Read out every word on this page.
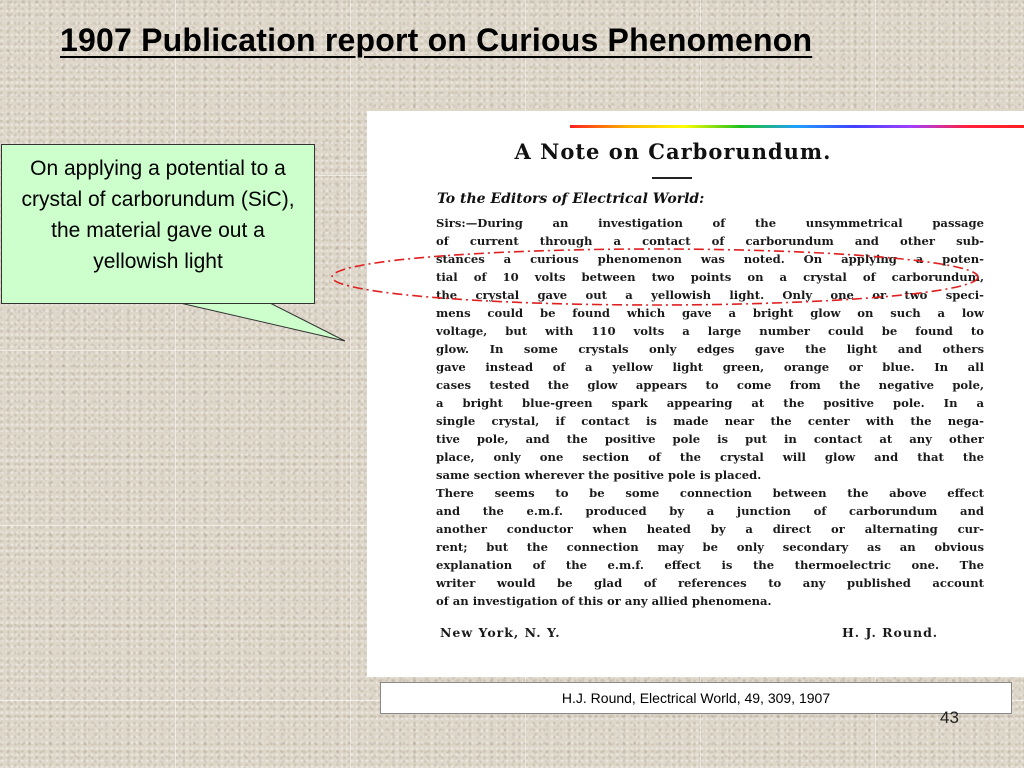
1907 Publication report on Curious Phenomenon
On applying a potential to a crystal of carborundum (SiC), the material gave out a yellowish light
A Note on Carborundum.
To the Editors of Electrical World:
Sirs:—During an investigation of the unsymmetrical passage
of current through a contact of carborundum and other sub-
stances a curious phenomenon was noted. On applying a poten-
tial of 10 volts between two points on a crystal of carborundum,
the crystal gave out a yellowish light. Only one or two speci-
mens could be found which gave a bright glow on such a low
voltage, but with 110 volts a large number could be found to
glow. In some crystals only edges gave the light and others
gave instead of a yellow light green, orange or blue. In all
cases tested the glow appears to come from the negative pole,
a bright blue-green spark appearing at the positive pole. In a
single crystal, if contact is made near the center with the nega-
tive pole, and the positive pole is put in contact at any other
place, only one section of the crystal will glow and that the
same section wherever the positive pole is placed.
There seems to be some connection between the above effect
and the e.m.f. produced by a junction of carborundum and
another conductor when heated by a direct or alternating cur-
rent; but the connection may be only secondary as an obvious
explanation of the e.m.f. effect is the thermoelectric one. The
writer would be glad of references to any published account
of an investigation of this or any allied phenomena.
New York, N. Y.	H. J. Round.
H.J. Round, Electrical World, 49, 309, 1907
43
